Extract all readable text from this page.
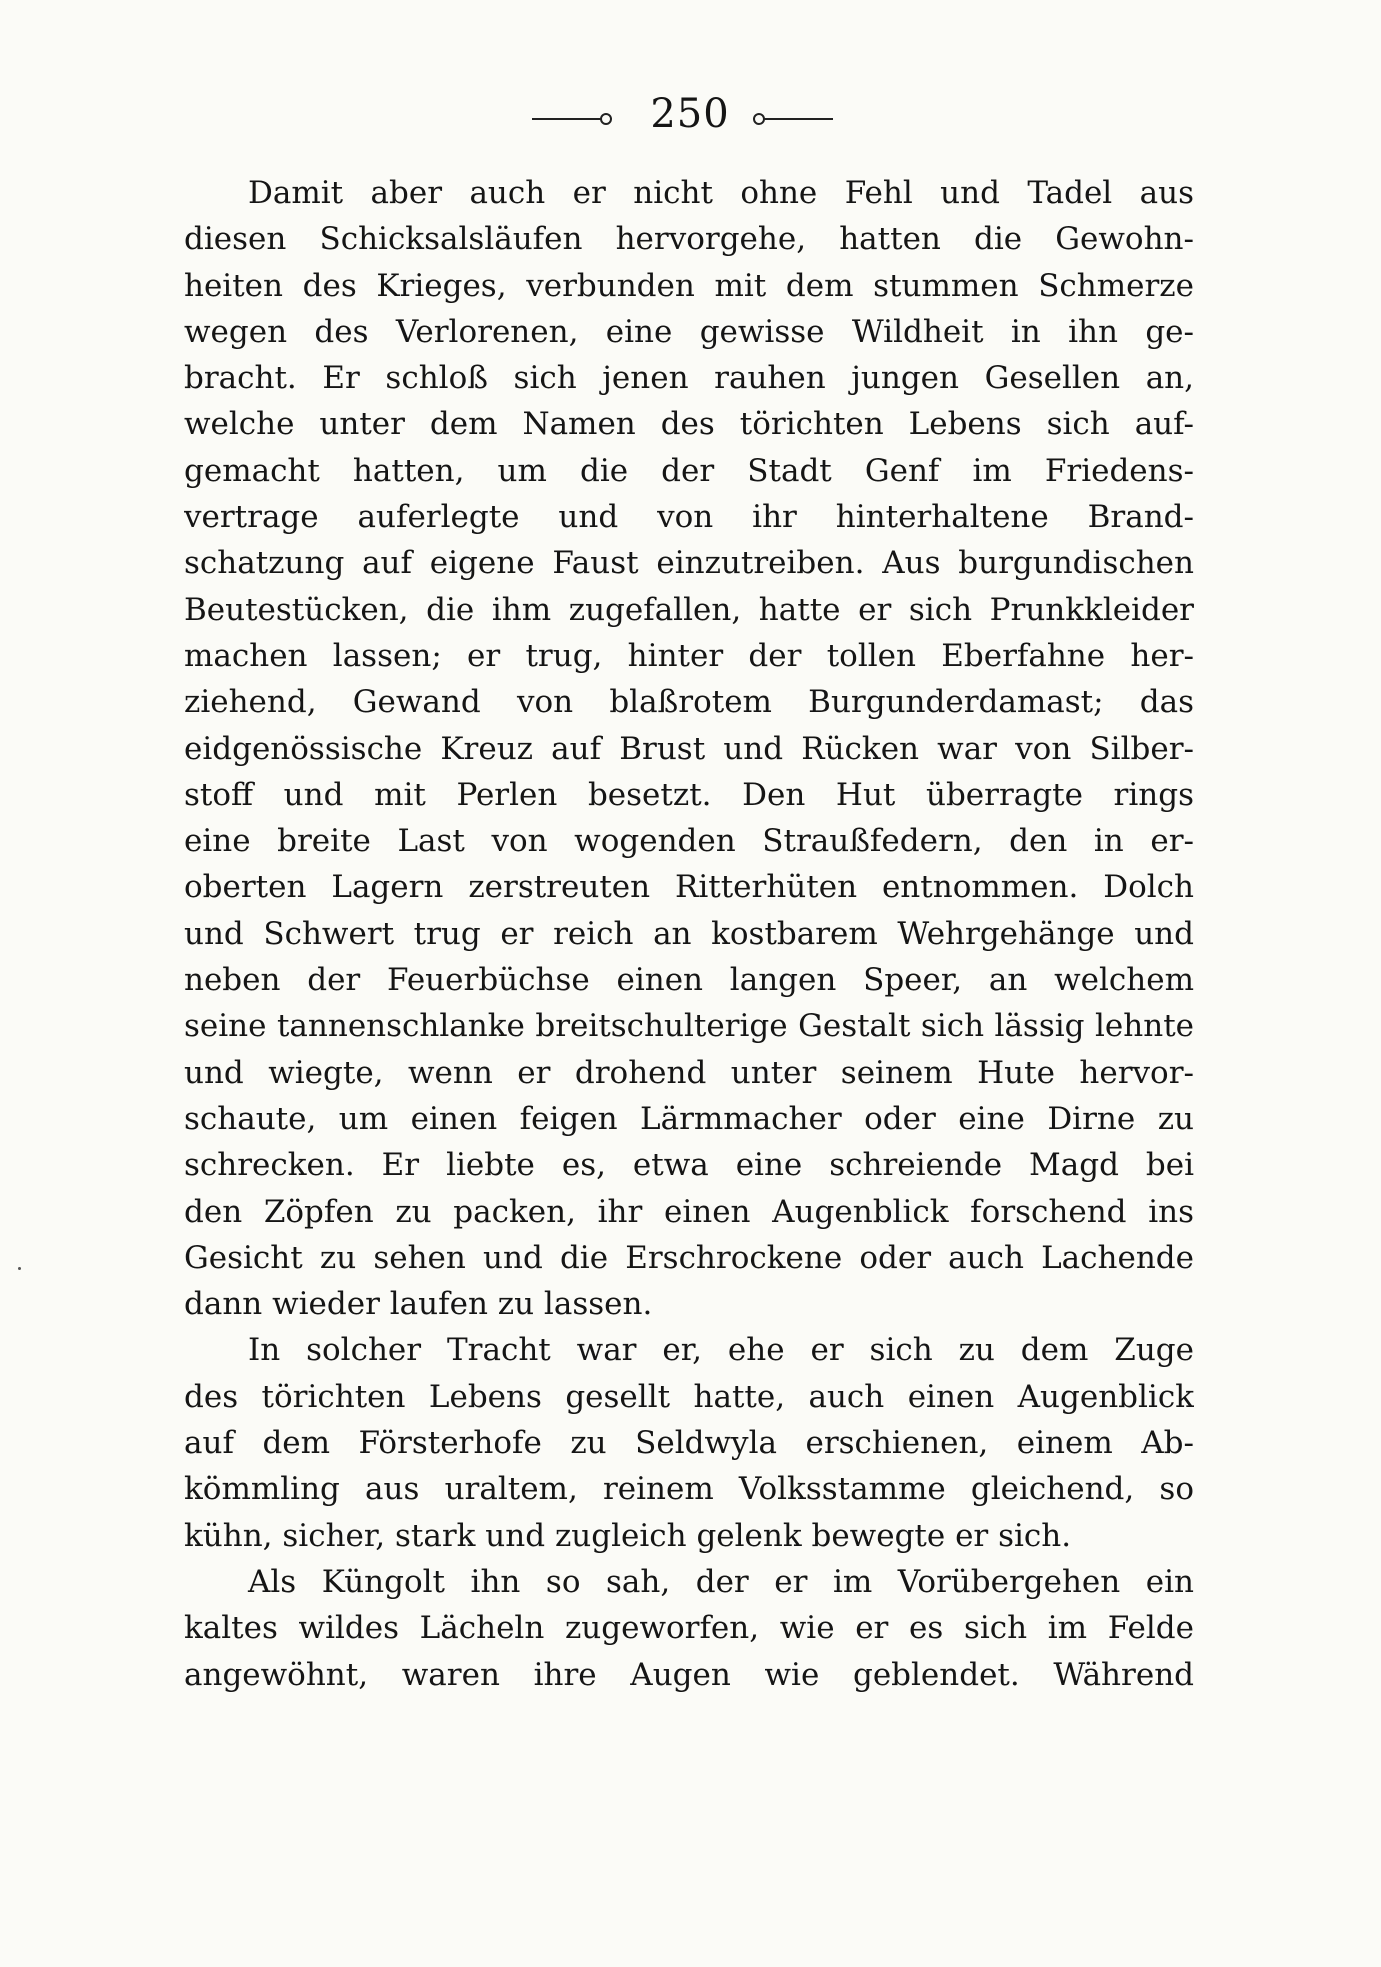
250
Damit aber auch er nicht ohne Fehl und Tadel aus
diesen Schicksalsläufen hervorgehe, hatten die Gewohn-
heiten des Krieges, verbunden mit dem stummen Schmerze
wegen des Verlorenen, eine gewisse Wildheit in ihn ge-
bracht. Er schloß sich jenen rauhen jungen Gesellen an,
welche unter dem Namen des törichten Lebens sich auf-
gemacht hatten, um die der Stadt Genf im Friedens-
vertrage auferlegte und von ihr hinterhaltene Brand-
schatzung auf eigene Faust einzutreiben. Aus burgundischen
Beutestücken, die ihm zugefallen, hatte er sich Prunkkleider
machen lassen; er trug, hinter der tollen Eberfahne her-
ziehend, Gewand von blaßrotem Burgunderdamast; das
eidgenössische Kreuz auf Brust und Rücken war von Silber-
stoff und mit Perlen besetzt. Den Hut überragte rings
eine breite Last von wogenden Straußfedern, den in er-
oberten Lagern zerstreuten Ritterhüten entnommen. Dolch
und Schwert trug er reich an kostbarem Wehrgehänge und
neben der Feuerbüchse einen langen Speer, an welchem
seine tannenschlanke breitschulterige Gestalt sich lässig lehnte
und wiegte, wenn er drohend unter seinem Hute hervor-
schaute, um einen feigen Lärmmacher oder eine Dirne zu
schrecken. Er liebte es, etwa eine schreiende Magd bei
den Zöpfen zu packen, ihr einen Augenblick forschend ins
Gesicht zu sehen und die Erschrockene oder auch Lachende
dann wieder laufen zu lassen.
In solcher Tracht war er, ehe er sich zu dem Zuge
des törichten Lebens gesellt hatte, auch einen Augenblick
auf dem Försterhofe zu Seldwyla erschienen, einem Ab-
kömmling aus uraltem, reinem Volksstamme gleichend, so
kühn, sicher, stark und zugleich gelenk bewegte er sich.
Als Küngolt ihn so sah, der er im Vorübergehen ein
kaltes wildes Lächeln zugeworfen, wie er es sich im Felde
angewöhnt, waren ihre Augen wie geblendet. Während
